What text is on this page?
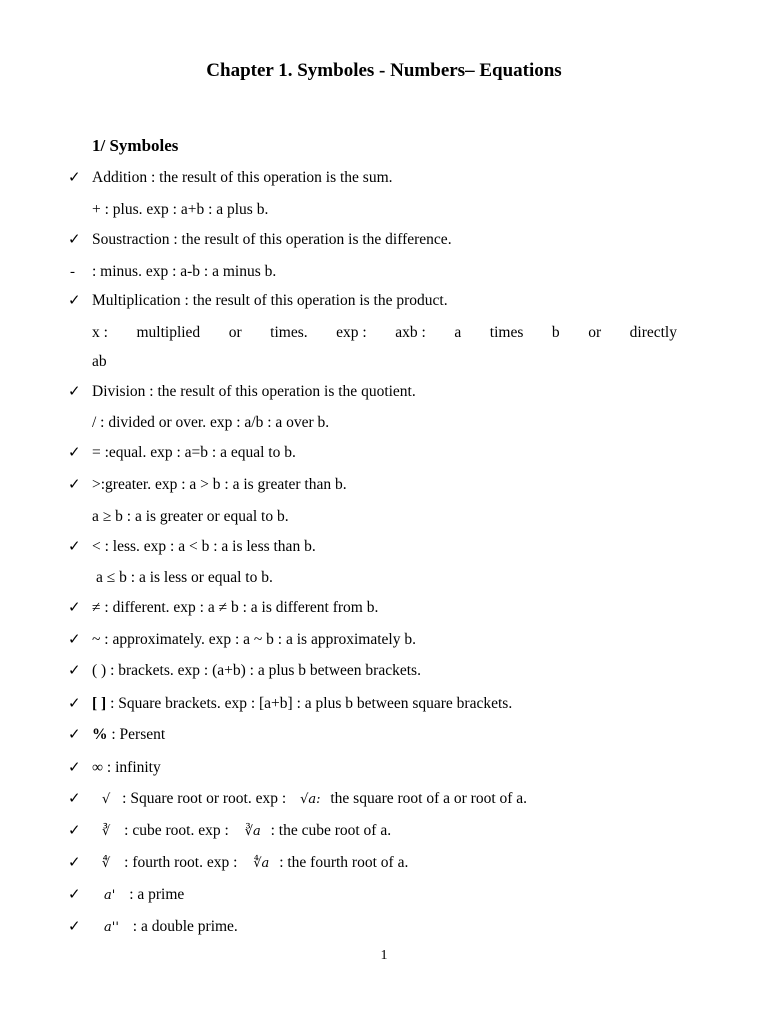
Chapter 1. Symboles - Numbers– Equations
1/ Symboles
✓ Addition : the result of this operation is the sum.
+ : plus. exp : a+b : a plus b.
✓ Soustraction : the result of this operation is the difference.
- : minus. exp : a-b : a minus b.
✓ Multiplication : the result of this operation is the product.
x : multiplied or times. exp : axb : a times b or directly
ab
✓ Division : the result of this operation is the quotient.
/ : divided or over. exp : a/b : a over b.
✓ = :equal. exp : a=b : a equal to b.
✓ >:greater. exp : a > b : a is greater than b.
a ≥ b : a is greater or equal to b.
✓ < : less. exp : a < b : a is less than b.
a ≤ b : a is less or equal to b.
✓ ≠ : different. exp : a ≠ b : a is different from b.
✓ ~ : approximately. exp : a ~ b : a is approximately b.
✓ ( ) : brackets. exp : (a+b) : a plus b between brackets.
✓ [ ] : Square brackets. exp : [a+b] : a plus b between square brackets.
✓ % : Persent
✓ ∞ : infinity
✓ √ : Square root or root. exp : √a: the square root of a or root of a.
✓ ∛ : cube root. exp : ∛a : the cube root of a.
✓ ∜ : fourth root. exp : ∜a : the fourth root of a.
✓ a' : a prime
✓ a'' : a double prime.
1
